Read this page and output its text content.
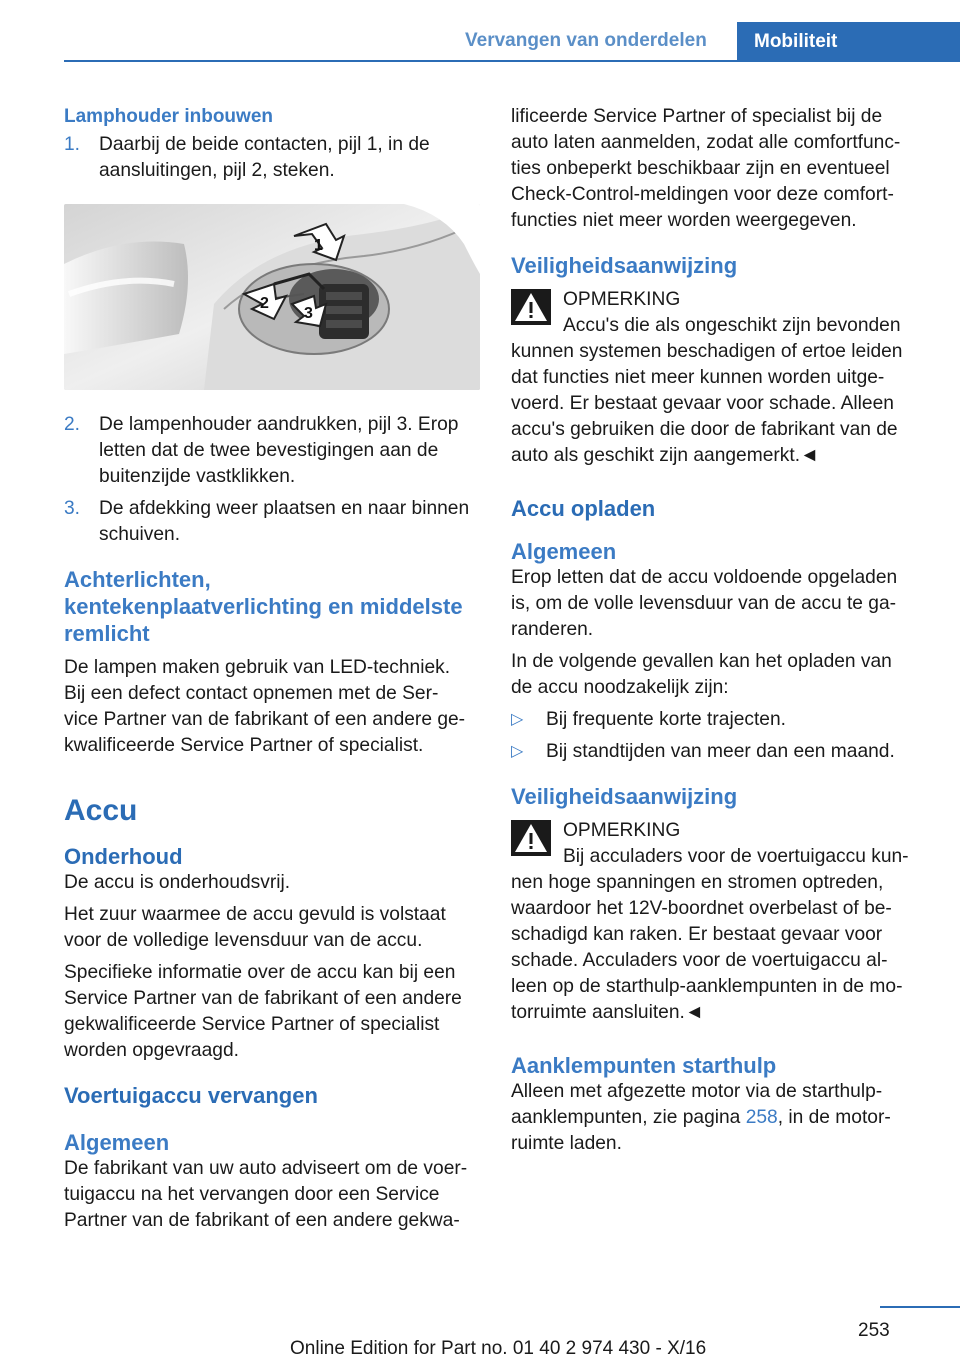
Vervangen van onderdelen	Mobiliteit
Lamphouder inbouwen
1. Daarbij de beide contacten, pijl 1, in de
aansluitingen, pijl 2, steken.
1
2
3
2. De lampenhouder aandrukken, pijl 3. Erop
letten dat de twee bevestigingen aan de
buitenzijde vastklikken.
3. De afdekking weer plaatsen en naar binnen
schuiven.
Achterlichten,
kentekenplaatverlichting en middelste
remlicht
De lampen maken gebruik van LED-techniek.
Bij een defect contact opnemen met de Ser‐
vice Partner van de fabrikant of een andere ge‐
kwalificeerde Service Partner of specialist.
Accu
Onderhoud
De accu is onderhoudsvrij.
Het zuur waarmee de accu gevuld is volstaat
voor de volledige levensduur van de accu.
Specifieke informatie over de accu kan bij een
Service Partner van de fabrikant of een andere
gekwalificeerde Service Partner of specialist
worden opgevraagd.
Voertuigaccu vervangen
Algemeen
De fabrikant van uw auto adviseert om de voer‐
tuigaccu na het vervangen door een Service
Partner van de fabrikant of een andere gekwa‐
lificeerde Service Partner of specialist bij de
auto laten aanmelden, zodat alle comfortfunc‐
ties onbeperkt beschikbaar zijn en eventueel
Check-Control-meldingen voor deze comfort‐
functies niet meer worden weergegeven.
Veiligheidsaanwijzing
OPMERKING
Accu's die als ongeschikt zijn bevonden
kunnen systemen beschadigen of ertoe leiden
dat functies niet meer kunnen worden uitge‐
voerd. Er bestaat gevaar voor schade. Alleen
accu's gebruiken die door de fabrikant van de
auto als geschikt zijn aangemerkt.◄
Accu opladen
Algemeen
Erop letten dat de accu voldoende opgeladen
is, om de volle levensduur van de accu te ga‐
randeren.
In de volgende gevallen kan het opladen van
de accu noodzakelijk zijn:
▷ Bij frequente korte trajecten.
▷ Bij standtijden van meer dan een maand.
Veiligheidsaanwijzing
OPMERKING
Bij acculaders voor de voertuigaccu kun‐
nen hoge spanningen en stromen optreden,
waardoor het 12V-boordnet overbelast of be‐
schadigd kan raken. Er bestaat gevaar voor
schade. Acculaders voor de voertuigaccu al‐
leen op de starthulp-aanklempunten in de mo‐
torruimte aansluiten.◄
Aanklempunten starthulp
Alleen met afgezette motor via de starthulp‐
aanklempunten, zie pagina 258, in de motor‐
ruimte laden.
253
Online Edition for Part no. 01 40 2 974 430 - X/16
